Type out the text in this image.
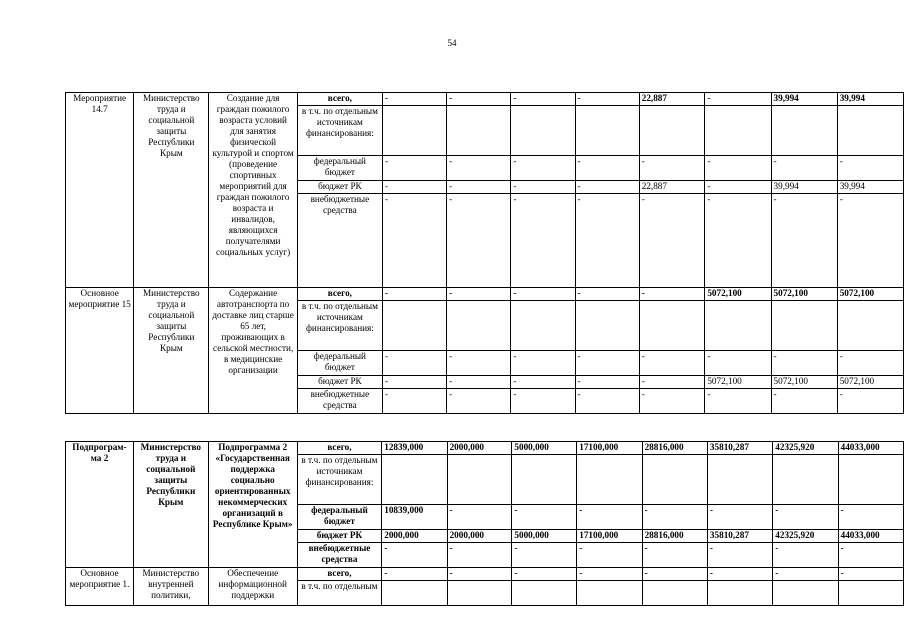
54
Мероприятие 14.7	Министерство труда и социальной защиты Республики Крым	Создание для граждан пожилого возраста условий для занятия физической культурой и спортом (проведение спортивных мероприятий для граждан пожилого возраста и инвалидов, являющихся получателями социальных услуг)	всего,	-	-	-	-	22,887	-	39,994	39,994
			в т.ч. по отдельным источникам финансирования:								
			федеральный бюджет	-	-	-	-	-	-	-	-
			бюджет РК	-	-	-	-	22,887	-	39,994	39,994
			внебюджетные средства	-	-	-	-	-	-	-	-
Основное мероприятие 15	Министерство труда и социальной защиты Республики Крым	Содержание автотранспорта по доставке лиц старше 65 лет, проживающих в сельской местности, в медицинские организации	всего,	-	-	-	-	-	5072,100	5072,100	5072,100
			в т.ч. по отдельным источникам финансирования:								
			федеральный бюджет	-	-	-	-	-	-	-	-
			бюджет РК	-	-	-	-	-	5072,100	5072,100	5072,100
			внебюджетные средства	-	-	-	-	-	-	-	-
Подпрограм-ма 2	Министерство труда и социальной защиты Республики Крым	Подпрограмма 2 «Государственная поддержка социально ориентированных некоммерческих организаций в Республике Крым»	всего,	12839,000	2000,000	5000,000	17100,000	28816,000	35810,287	42325,920	44033,000
			в т.ч. по отдельным источникам финансирования:								
			федеральный бюджет	10839,000	-	-	-	-	-	-	-
			бюджет РК	2000,000	2000,000	5000,000	17100,000	28816,000	35810,287	42325,920	44033,000
			внебюджетные средства	-	-	-	-	-	-	-	-
Основное мероприятие 1.	Министерство внутренней политики,	Обеспечение информационной поддержки	всего,	-	-	-	-	-	-	-	-
			в т.ч. по отдельным								
